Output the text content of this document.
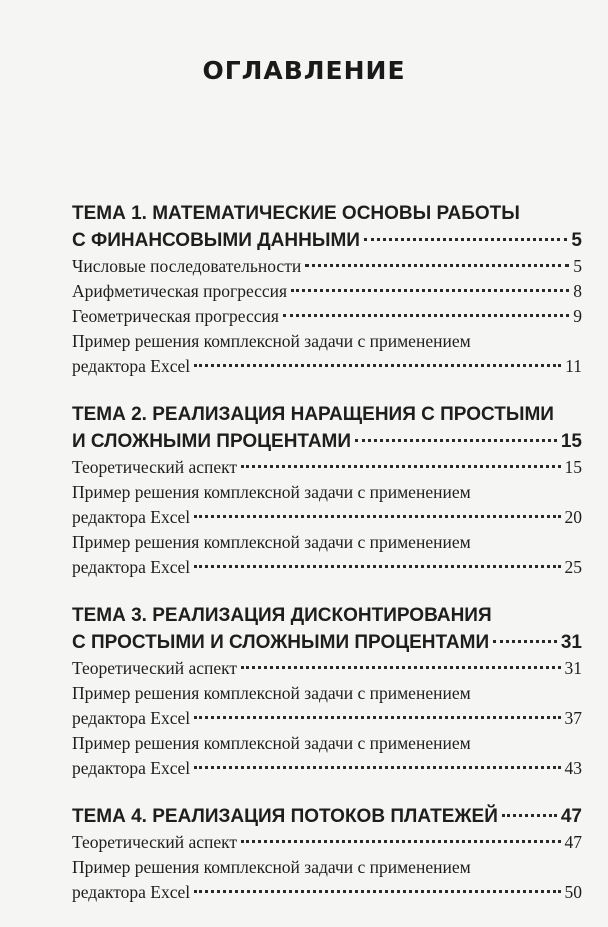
ОГЛАВЛЕНИЕ
ТЕМА 1. МАТЕМАТИЧЕСКИЕ ОСНОВЫ РАБОТЫ
С ФИНАНСОВЫМИ ДАННЫМИ	5
Числовые последовательности	5
Арифметическая прогрессия	8
Геометрическая прогрессия	9
Пример решения комплексной задачи с применением
редактора Excel	11
ТЕМА 2. РЕАЛИЗАЦИЯ НАРАЩЕНИЯ С ПРОСТЫМИ
И СЛОЖНЫМИ ПРОЦЕНТАМИ	15
Теоретический аспект	15
Пример решения комплексной задачи с применением
редактора Excel	20
Пример решения комплексной задачи с применением
редактора Excel	25
ТЕМА 3. РЕАЛИЗАЦИЯ ДИСКОНТИРОВАНИЯ
С ПРОСТЫМИ И СЛОЖНЫМИ ПРОЦЕНТАМИ	31
Теоретический аспект	31
Пример решения комплексной задачи с применением
редактора Excel	37
Пример решения комплексной задачи с применением
редактора Excel	43
ТЕМА 4. РЕАЛИЗАЦИЯ ПОТОКОВ ПЛАТЕЖЕЙ	47
Теоретический аспект	47
Пример решения комплексной задачи с применением
редактора Excel	50
